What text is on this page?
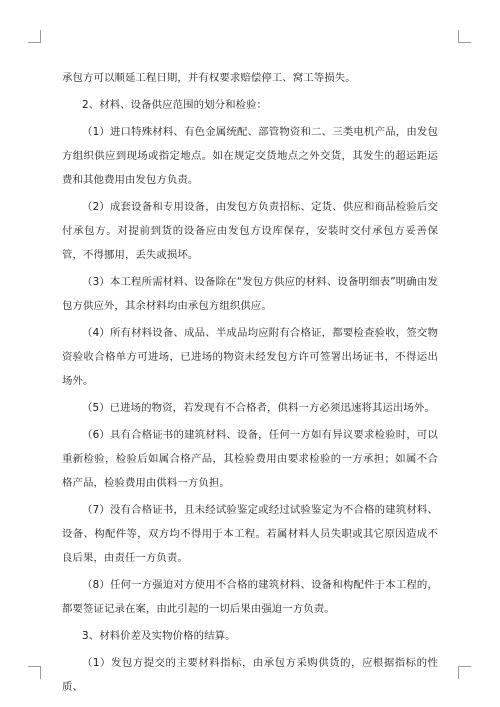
承包方可以顺延工程日期，并有权要求赔偿停工、窝工等损失。

2、材料、设备供应范围的划分和检验：

（1）进口特殊材料、有色金属统配、部管物资和二、三类电机产品，由发包方组织供应到现场或指定地点。如在规定交货地点之外交货，其发生的超运距运费和其他费用由发包方负责。

（2）成套设备和专用设备，由发包方负责招标、定货、供应和商品检验后交付承包方。对提前到货的设备应由发包方设库保存，安装时交付承包方妥善保管，不得挪用，丢失或损坏。

（3）本工程所需材料、设备除在“发包方供应的材料、设备明细表”明确由发包方供应外，其余材料均由承包方组织供应。

（4）所有材料设备、成品、半成品均应附有合格证，都要检查验收，签交物资验收合格单方可进场，已进场的物资未经发包方许可签署出场证书，不得运出场外。

（5）已进场的物资，若发现有不合格者，供料一方必须迅速将其运出场外。

（6）具有合格证书的建筑材料、设备，任何一方如有异议要求检验时，可以重新检验，检验后如属合格产品，其检验费用由要求检验的一方承担；如属不合格产品，检验费用由供料一方负担。

（7）没有合格证书，且未经试验鉴定或经过试验鉴定为不合格的建筑材料、设备、构配件等，双方均不得用于本工程。若属材料人员失职或其它原因造成不良后果，由责任一方负责。

（8）任何一方强迫对方使用不合格的建筑材料、设备和构配件于本工程的，都要签证记录在案，由此引起的一切后果由强迫一方负责。

3、材料价差及实物价格的结算。

（1）发包方提交的主要材料指标，由承包方采购供货的，应根据指标的性质、
